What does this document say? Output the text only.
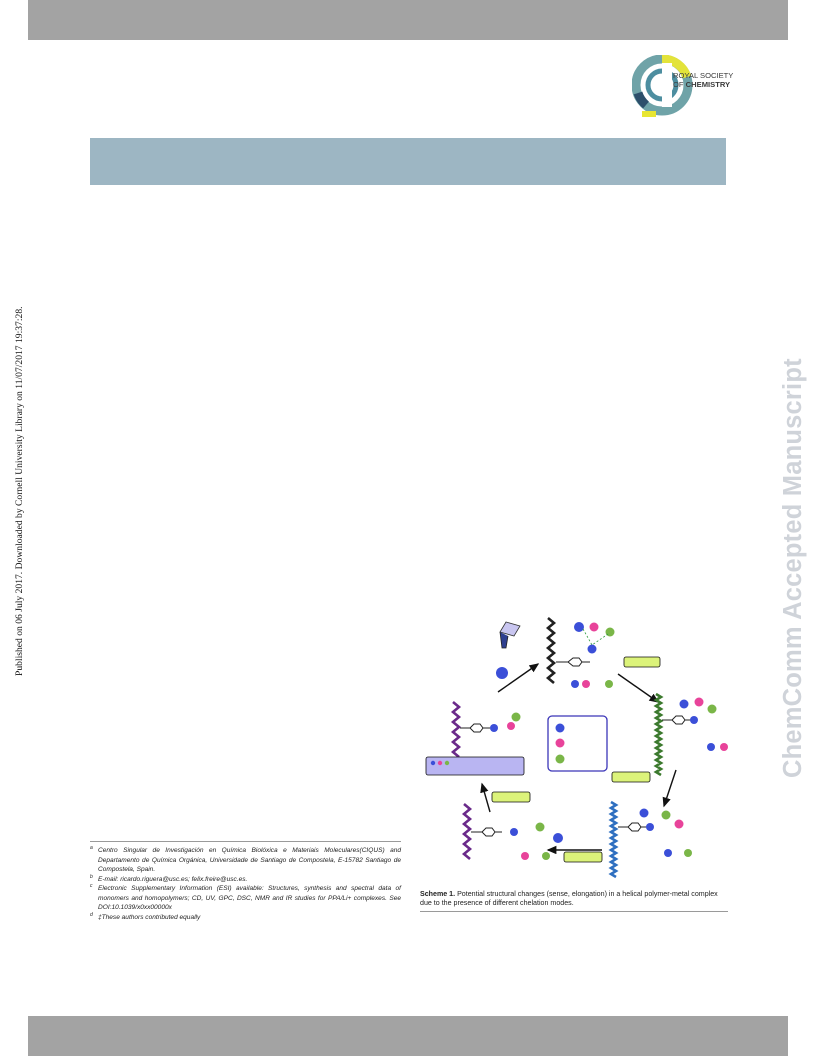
ROYAL SOCIETY
OF CHEMISTRY
Published on 06 July 2017. Downloaded by Cornell University Library on 11/07/2017 19:37:28.	ChemComm Accepted Manuscript
Scheme 1. Potential structural changes (sense, elongation) in a helical polymer-metal complex due to the presence of different chelation modes.
a Centro Singular de Investigación en Química Biolóxica e Materiais Moleculares(CIQUS) and Departamento de Química Orgánica, Universidade de Santiago de Compostela, E-15782 Santiago de Compostela, Spain.
b E-mail: ricardo.riguera@usc.es; felix.freire@usc.es.
c Electronic Supplementary Information (ESI) available: Structures, synthesis and spectral data of monomers and homopolymers; CD, UV, GPC, DSC, NMR and IR studies for PPA/Li+ complexes. See DOI:10.1039/x0xx00000x
d ‡These authors contributed equally
